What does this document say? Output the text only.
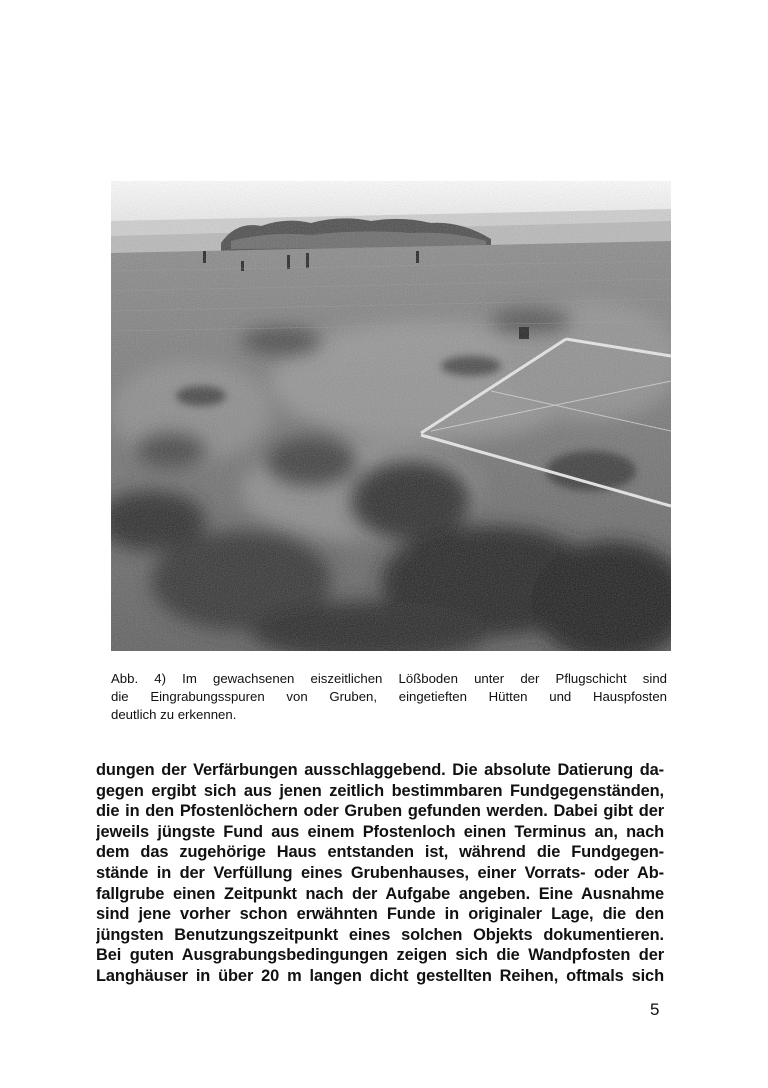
Abb. 4) Im gewachsenen eiszeitlichen Lößboden unter der Pflugschicht sind
die Eingrabungsspuren von Gruben, eingetieften Hütten und Hauspfosten
deutlich zu erkennen.
dungen der Verfärbungen ausschlaggebend. Die absolute Datierung da-
gegen ergibt sich aus jenen zeitlich bestimmbaren Fundgegenständen,
die in den Pfostenlöchern oder Gruben gefunden werden. Dabei gibt der
jeweils jüngste Fund aus einem Pfostenloch einen Terminus an, nach
dem das zugehörige Haus entstanden ist, während die Fundgegen-
stände in der Verfüllung eines Grubenhauses, einer Vorrats- oder Ab-
fallgrube einen Zeitpunkt nach der Aufgabe angeben. Eine Ausnahme
sind jene vorher schon erwähnten Funde in originaler Lage, die den
jüngsten Benutzungszeitpunkt eines solchen Objekts dokumentieren.
Bei guten Ausgrabungsbedingungen zeigen sich die Wandpfosten der
Langhäuser in über 20 m langen dicht gestellten Reihen, oftmals sich
5
